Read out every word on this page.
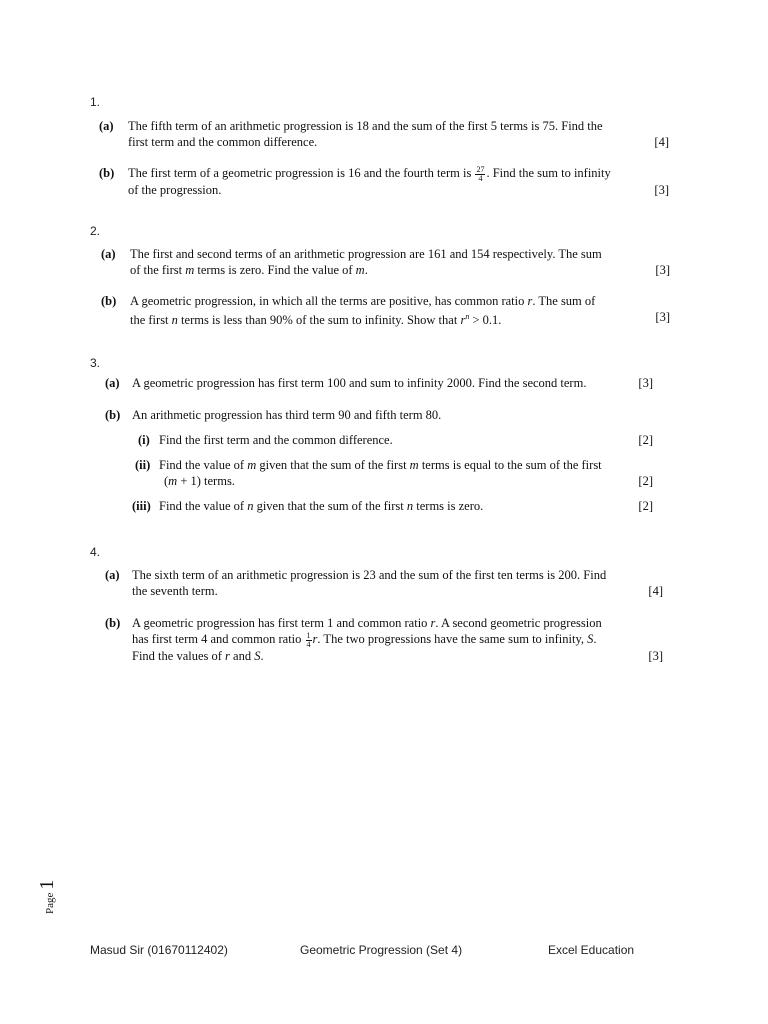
1.
(a) The fifth term of an arithmetic progression is 18 and the sum of the first 5 terms is 75. Find the
first term and the common difference.	[4]
(b) The first term of a geometric progression is 16 and the fourth term is $\frac{27}{4}$ . Find the sum to infinity
of the progression.	[3]
2.
(a) The first and second terms of an arithmetic progression are 161 and 154 respectively. The sum
of the first m terms is zero. Find the value of m.	[3]
(b) A geometric progression, in which all the terms are positive, has common ratio r. The sum of
the first n terms is less than 90% of the sum to infinity. Show that $r^n > 0.1$.	[3]
3.
(a) A geometric progression has first term 100 and sum to infinity 2000. Find the second term.	[3]
(b) An arithmetic progression has third term 90 and fifth term 80.
(i) Find the first term and the common difference.	[2]
(ii) Find the value of m given that the sum of the first m terms is equal to the sum of the first
(m + 1) terms.	[2]
(iii) Find the value of n given that the sum of the first n terms is zero.	[2]
4.
(a) The sixth term of an arithmetic progression is 23 and the sum of the first ten terms is 200. Find
the seventh term.	[4]
(b) A geometric progression has first term 1 and common ratio r. A second geometric progression
has first term 4 and common ratio $\frac{1}{4} r$. The two progressions have the same sum to infinity, S.
Find the values of r and S.	[3]
Page1
Masud Sir (01670112402)	Geometric Progression (Set 4)	Excel Education
